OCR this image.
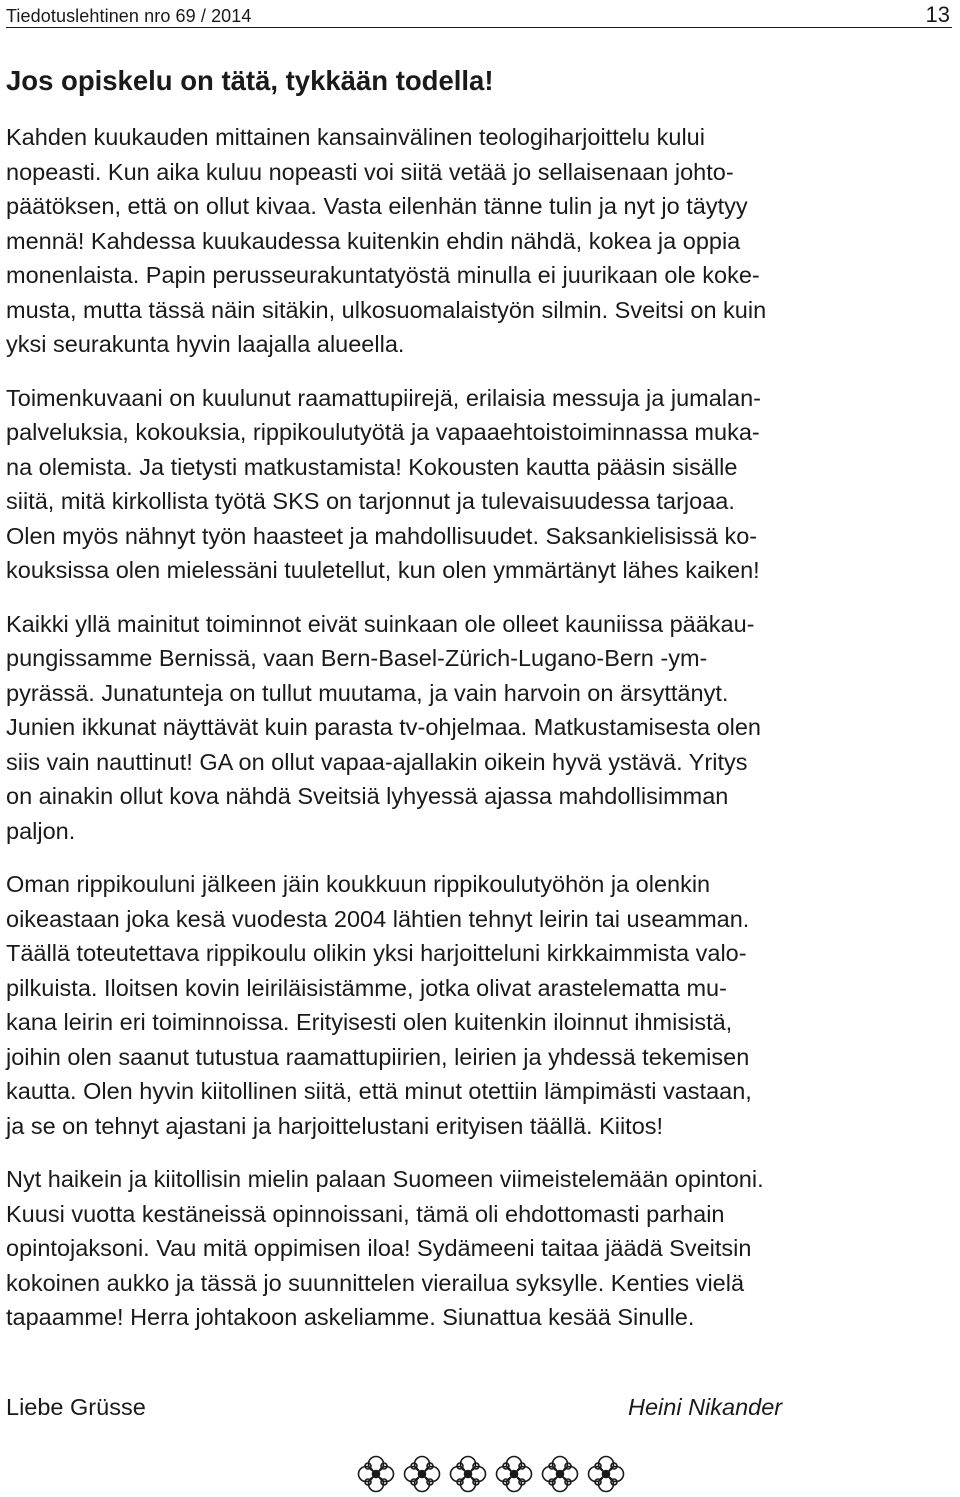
Tiedotuslehtinen nro 69 / 2014	13
Jos opiskelu on tätä, tykkään todella!

Kahden kuukauden mittainen kansainvälinen teologiharjoittelu kului
nopeasti. Kun aika kuluu nopeasti voi siitä vetää jo sellaisenaan johto-
päätöksen, että on ollut kivaa. Vasta eilenhän tänne tulin ja nyt jo täytyy
mennä! Kahdessa kuukaudessa kuitenkin ehdin nähdä, kokea ja oppia
monenlaista. Papin perusseurakuntatyöstä minulla ei juurikaan ole koke-
musta, mutta tässä näin sitäkin, ulkosuomalaistyön silmin. Sveitsi on kuin
yksi seurakunta hyvin laajalla alueella.

Toimenkuvaani on kuulunut raamattupiirejä, erilaisia messuja ja jumalan-
palveluksia, kokouksia, rippikoulutyötä ja vapaaehtoistoiminnassa muka-
na olemista. Ja tietysti matkustamista! Kokousten kautta pääsin sisälle
siitä, mitä kirkollista työtä SKS on tarjonnut ja tulevaisuudessa tarjoaa.
Olen myös nähnyt työn haasteet ja mahdollisuudet. Saksankielisissä ko-
kouksissa olen mielessäni tuuletellut, kun olen ymmärtänyt lähes kaiken!

Kaikki yllä mainitut toiminnot eivät suinkaan ole olleet kauniissa pääkau-
pungissamme Bernissä, vaan Bern-Basel-Zürich-Lugano-Bern -ym-
pyrässä. Junatunteja on tullut muutama, ja vain harvoin on ärsyttänyt.
Junien ikkunat näyttävät kuin parasta tv-ohjelmaa. Matkustamisesta olen
siis vain nauttinut! GA on ollut vapaa-ajallakin oikein hyvä ystävä. Yritys
on ainakin ollut kova nähdä Sveitsiä lyhyessä ajassa mahdollisimman
paljon.

Oman rippikouluni jälkeen jäin koukkuun rippikoulutyöhön ja olenkin
oikeastaan joka kesä vuodesta 2004 lähtien tehnyt leirin tai useamman.
Täällä toteutettava rippikoulu olikin yksi harjoitteluni kirkkaimmista valo-
pilkuista. Iloitsen kovin leiriläisistämme, jotka olivat arastelematta mu-
kana leirin eri toiminnoissa. Erityisesti olen kuitenkin iloinnut ihmisistä,
joihin olen saanut tutustua raamattupiirien, leirien ja yhdessä tekemisen
kautta. Olen hyvin kiitollinen siitä, että minut otettiin lämpimästi vastaan,
ja se on tehnyt ajastani ja harjoittelustani erityisen täällä. Kiitos!

Nyt haikein ja kiitollisin mielin palaan Suomeen viimeistelemään opintoni.
Kuusi vuotta kestäneissä opinnoissani, tämä oli ehdottomasti parhain
opintojaksoni. Vau mitä oppimisen iloa! Sydämeeni taitaa jäädä Sveitsin
kokoinen aukko ja tässä jo suunnittelen vierailua syksylle. Kenties vielä
tapaamme! Herra johtakoon askeliamme. Siunattua kesää Sinulle.

Liebe Grüsse	Heini Nikander
